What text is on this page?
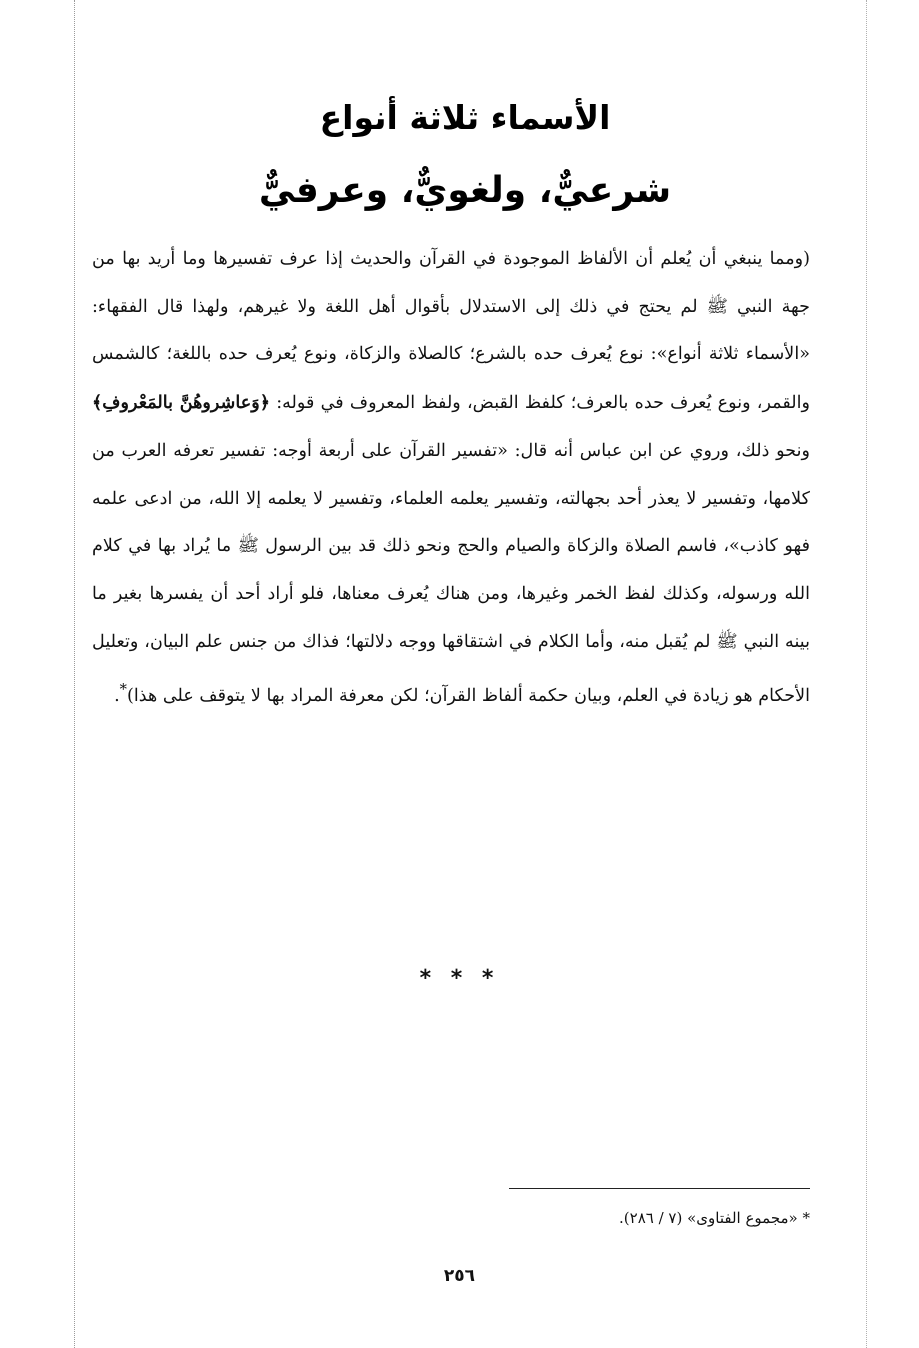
الأسماء ثلاثة أنواع
شرعيٌّ، ولغويٌّ، وعرفيٌّ
(ومما ينبغي أن يُعلم أن الألفاظ الموجودة في القرآن والحديث إذا عرف تفسيرها وما أريد بها من جهة النبي ﷺ لم يحتج في ذلك إلى الاستدلال بأقوال أهل اللغة ولا غيرهم، ولهذا قال الفقهاء: «الأسماء ثلاثة أنواع»: نوع يُعرف حده بالشرع؛ كالصلاة والزكاة، ونوع يُعرف حده باللغة؛ كالشمس والقمر، ونوع يُعرف حده بالعرف؛ كلفظ القبض، ولفظ المعروف في قوله: ﴿وَعاشِروهُنَّ بالمَعْروفِ﴾ ونحو ذلك، وروي عن ابن عباس أنه قال: «تفسير القرآن على أربعة أوجه: تفسير تعرفه العرب من كلامها، وتفسير لا يعذر أحد بجهالته، وتفسير يعلمه العلماء، وتفسير لا يعلمه إلا الله، من ادعى علمه فهو كاذب»، فاسم الصلاة والزكاة والصيام والحج ونحو ذلك قد بين الرسول ﷺ ما يُراد بها في كلام الله ورسوله، وكذلك لفظ الخمر وغيرها، ومن هناك يُعرف معناها، فلو أراد أحد أن يفسرها بغير ما بينه النبي ﷺ لم يُقبل منه، وأما الكلام في اشتقاقها ووجه دلالتها؛ فذاك من جنس علم البيان، وتعليل الأحكام هو زيادة في العلم، وبيان حكمة ألفاظ القرآن؛ لكن معرفة المراد بها لا يتوقف على هذا)*.
* * *
* «مجموع الفتاوى» (٧ / ٢٨٦).
٢٥٦
